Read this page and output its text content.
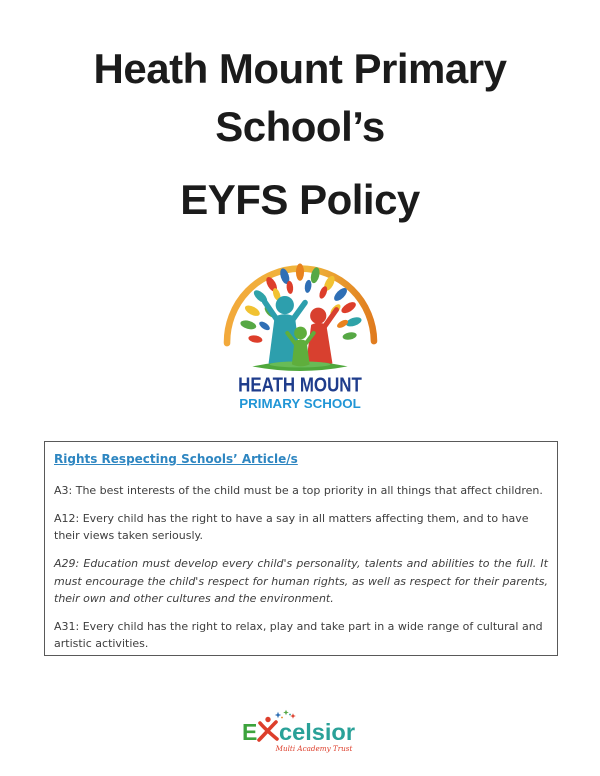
Heath Mount Primary
School’s
EYFS Policy
HEATH MOUNT
PRIMARY SCHOOL

Rights Respecting Schools’ Article/s

A3: The best interests of the child must be a top priority in all things that affect children.

A12: Every child has the right to have a say in all matters affecting them, and to have their views taken seriously.

A29: Education must develop every child's personality, talents and abilities to the full. It must encourage the child's respect for human rights, as well as respect for their parents, their own and other cultures and the environment.

A31: Every child has the right to relax, play and take part in a wide range of cultural and artistic activities.

E celsior
Multi Academy Trust
